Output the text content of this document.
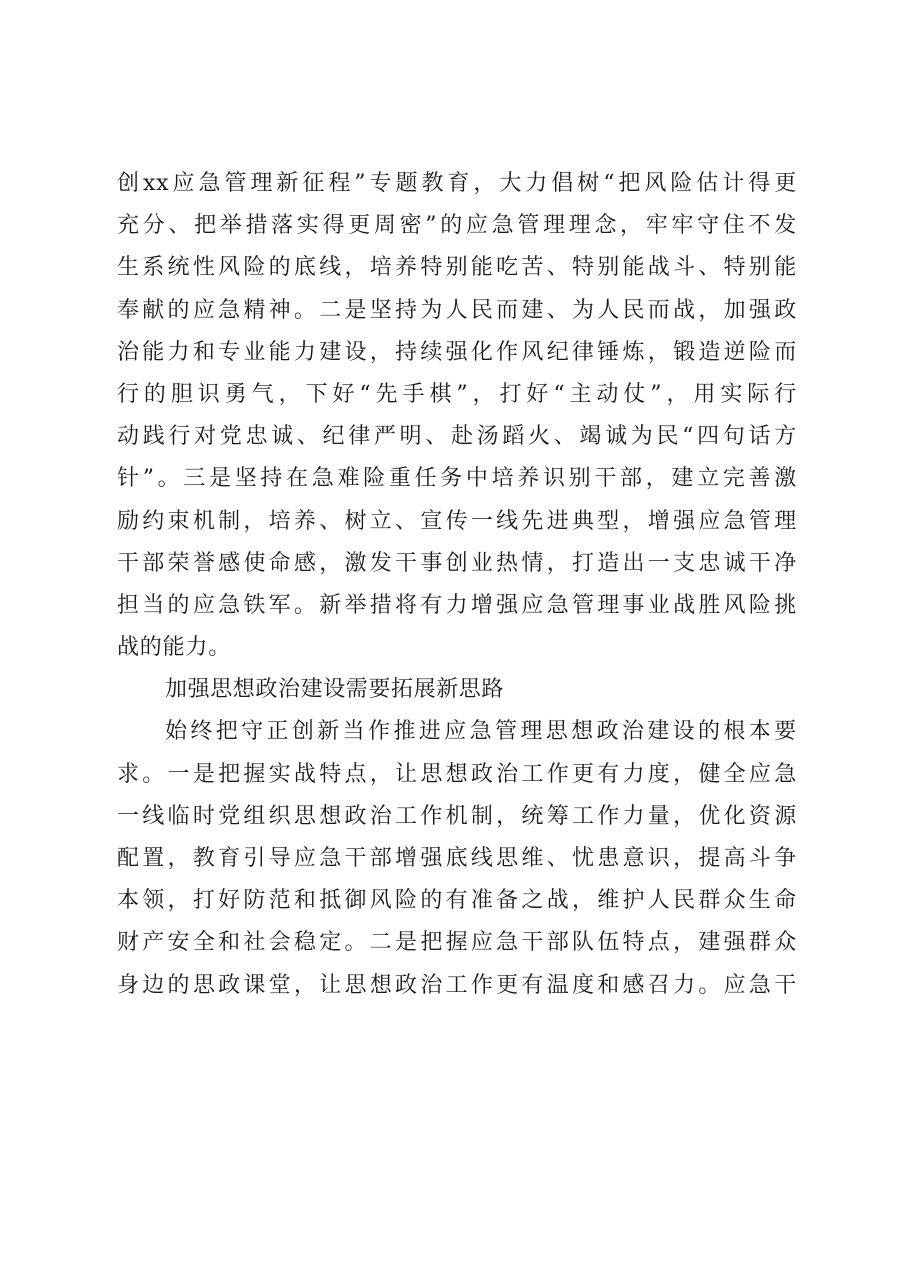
创xx应急管理新征程”专题教育，大力倡树“把风险估计得更
充分、把举措落实得更周密”的应急管理理念，牢牢守住不发
生系统性风险的底线，培养特别能吃苦、特别能战斗、特别能
奉献的应急精神。二是坚持为人民而建、为人民而战，加强政
治能力和专业能力建设，持续强化作风纪律锤炼，锻造逆险而
行的胆识勇气，下好“先手棋”，打好“主动仗”，用实际行
动践行对党忠诚、纪律严明、赴汤蹈火、竭诚为民“四句话方
针”。三是坚持在急难险重任务中培养识别干部，建立完善激
励约束机制，培养、树立、宣传一线先进典型，增强应急管理
干部荣誉感使命感，激发干事创业热情，打造出一支忠诚干净
担当的应急铁军。新举措将有力增强应急管理事业战胜风险挑
战的能力。
加强思想政治建设需要拓展新思路
始终把守正创新当作推进应急管理思想政治建设的根本要
求。一是把握实战特点，让思想政治工作更有力度，健全应急
一线临时党组织思想政治工作机制，统筹工作力量，优化资源
配置，教育引导应急干部增强底线思维、忧患意识，提高斗争
本领，打好防范和抵御风险的有准备之战，维护人民群众生命
财产安全和社会稳定。二是把握应急干部队伍特点，建强群众
身边的思政课堂，让思想政治工作更有温度和感召力。应急干
